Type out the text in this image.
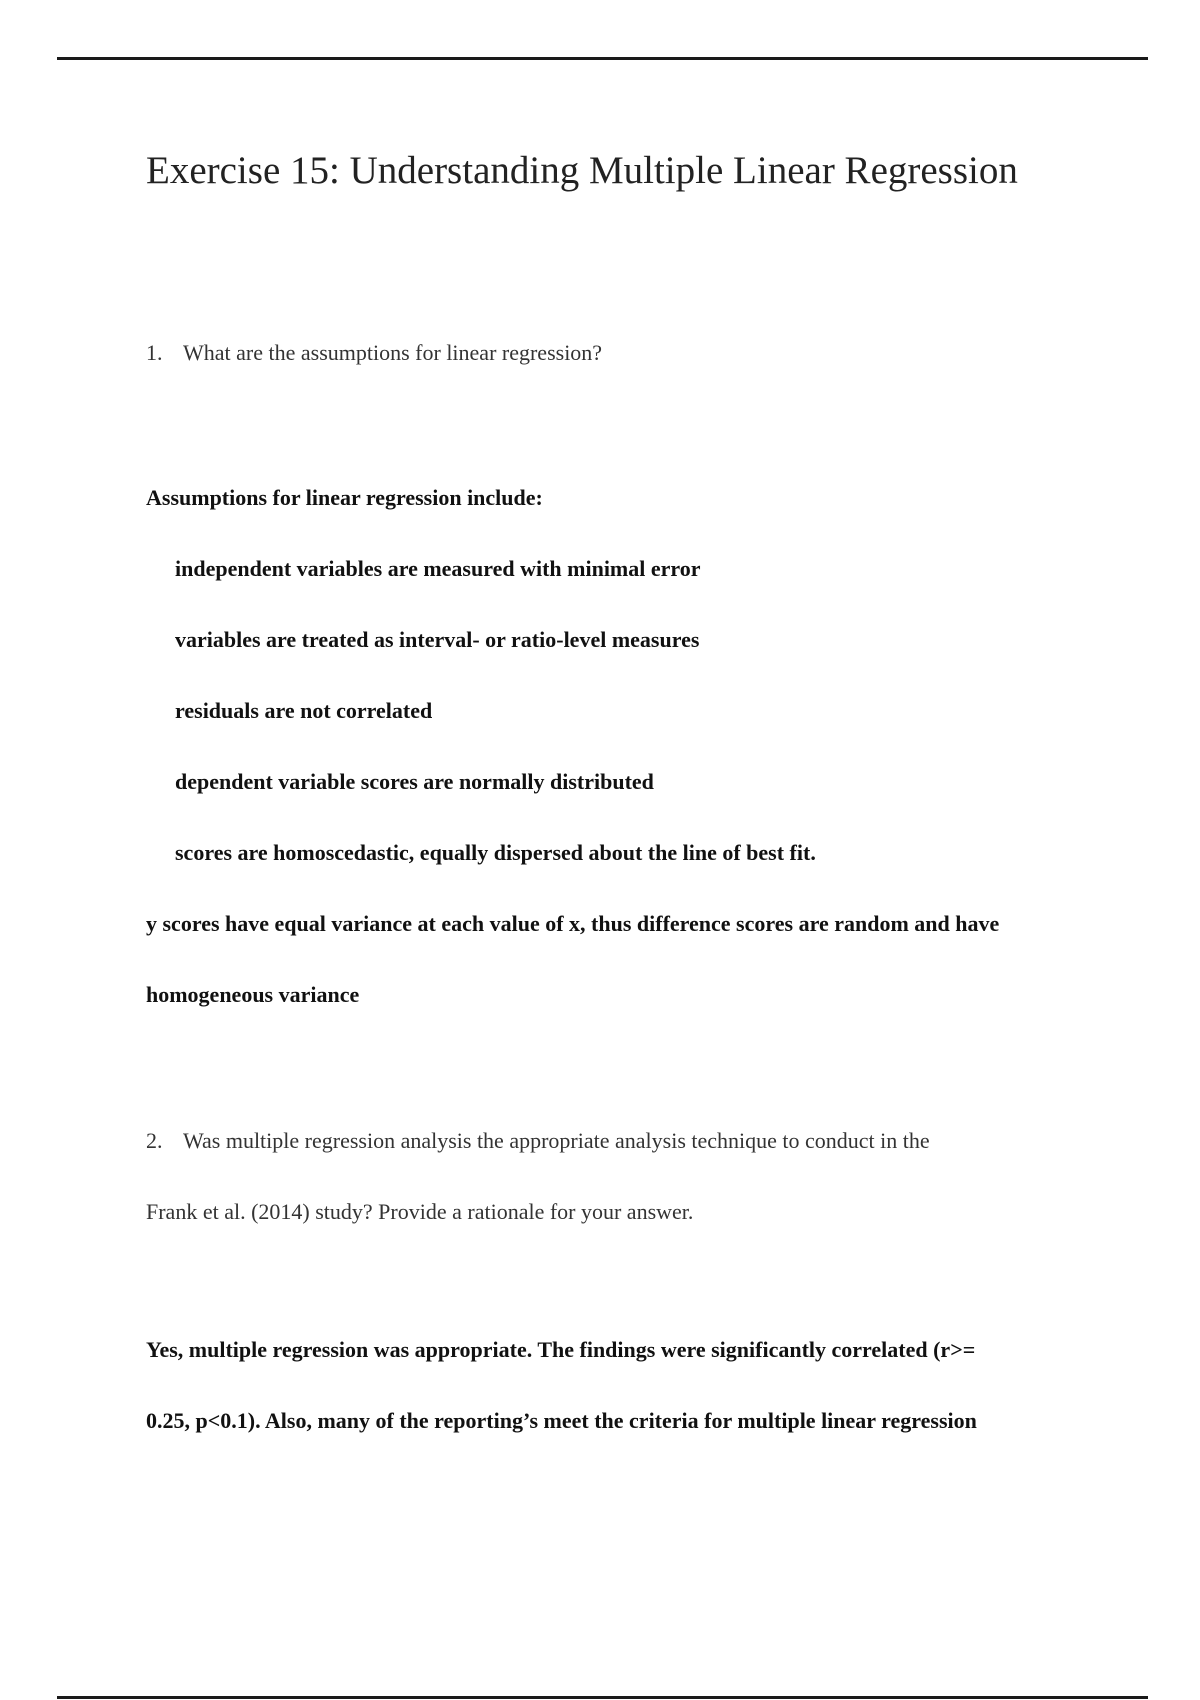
Exercise 15: Understanding Multiple Linear Regression
1. What are the assumptions for linear regression?
Assumptions for linear regression include:
independent variables are measured with minimal error
variables are treated as interval- or ratio-level measures
residuals are not correlated
dependent variable scores are normally distributed
scores are homoscedastic, equally dispersed about the line of best fit.
y scores have equal variance at each value of x, thus difference scores are random and have
homogeneous variance
2. Was multiple regression analysis the appropriate analysis technique to conduct in the
Frank et al. (2014) study? Provide a rationale for your answer.
Yes, multiple regression was appropriate. The findings were significantly correlated (r>=
0.25, p<0.1). Also, many of the reporting’s meet the criteria for multiple linear regression
